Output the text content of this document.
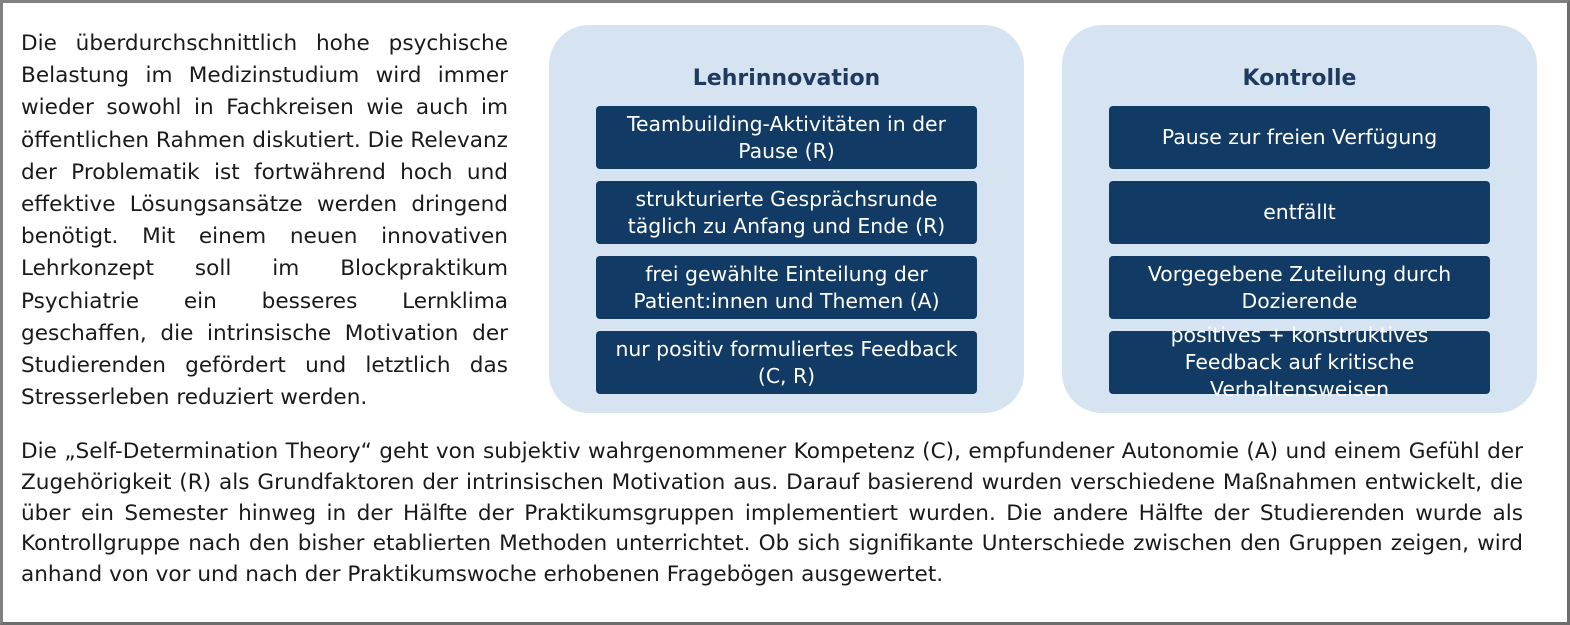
Die überdurchschnittlich hohe psychische Belastung im Medizinstudium wird immer wieder sowohl in Fachkreisen wie auch im öffentlichen Rahmen diskutiert. Die Relevanz der Problematik ist fortwährend hoch und effektive Lösungsansätze werden dringend benötigt. Mit einem neuen innovativen Lehrkonzept soll im Blockpraktikum Psychiatrie ein besseres Lernklima geschaffen, die intrinsische Motivation der Studierenden gefördert und letztlich das Stresserleben reduziert werden.

Lehrinnovation
Teambuilding-Aktivitäten in der Pause (R)
strukturierte Gesprächsrunde täglich zu Anfang und Ende (R)
frei gewählte Einteilung der Patient:innen und Themen (A)
nur positiv formuliertes Feedback (C, R)
Kontrolle
Pause zur freien Verfügung
entfällt
Vorgegebene Zuteilung durch Dozierende
positives + konstruktives Feedback auf kritische Verhaltensweisen

Die „Self-Determination Theory“ geht von subjektiv wahrgenommener Kompetenz (C), empfundener Autonomie (A) und einem Gefühl der Zugehörigkeit (R) als Grundfaktoren der intrinsischen Motivation aus. Darauf basierend wurden verschiedene Maßnahmen entwickelt, die über ein Semester hinweg in der Hälfte der Praktikumsgruppen implementiert wurden. Die andere Hälfte der Studierenden wurde als Kontrollgruppe nach den bisher etablierten Methoden unterrichtet. Ob sich signifikante Unterschiede zwischen den Gruppen zeigen, wird anhand von vor und nach der Praktikumswoche erhobenen Fragebögen ausgewertet.
